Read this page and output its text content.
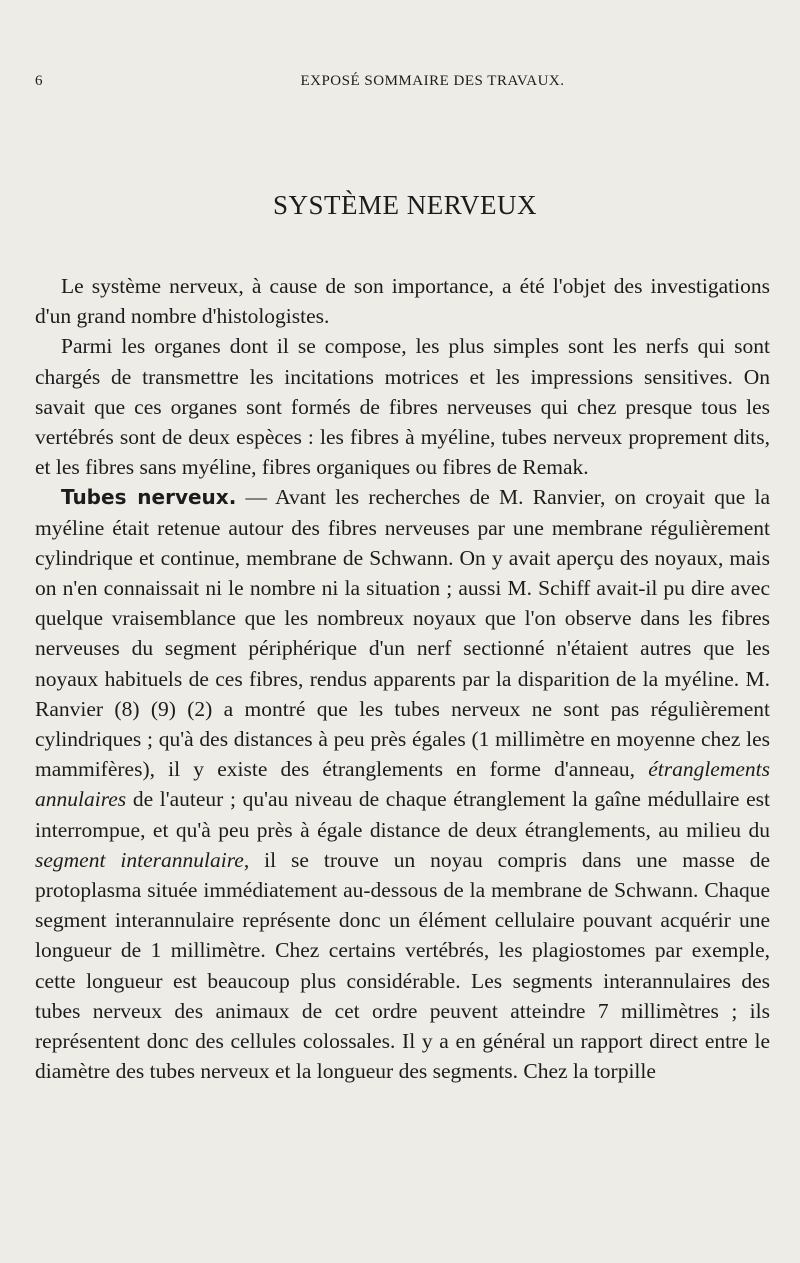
6	EXPOSÉ SOMMAIRE DES TRAVAUX.
SYSTÈME NERVEUX

Le système nerveux, à cause de son importance, a été l'objet des investigations d'un grand nombre d'histologistes.

Parmi les organes dont il se compose, les plus simples sont les nerfs qui sont chargés de transmettre les incitations motrices et les impressions sensitives. On savait que ces organes sont formés de fibres nerveuses qui chez presque tous les vertébrés sont de deux espèces : les fibres à myéline, tubes nerveux proprement dits, et les fibres sans myéline, fibres organiques ou fibres de Remak.

Tubes nerveux. — Avant les recherches de M. Ranvier, on croyait que la myéline était retenue autour des fibres nerveuses par une membrane régulièrement cylindrique et continue, membrane de Schwann. On y avait aperçu des noyaux, mais on n'en connaissait ni le nombre ni la situation ; aussi M. Schiff avait-il pu dire avec quelque vraisemblance que les nombreux noyaux que l'on observe dans les fibres nerveuses du segment périphérique d'un nerf sectionné n'étaient autres que les noyaux habituels de ces fibres, rendus apparents par la disparition de la myéline. M. Ranvier (8) (9) (2) a montré que les tubes nerveux ne sont pas régulièrement cylindriques ; qu'à des distances à peu près égales (1 millimètre en moyenne chez les mammifères), il y existe des étranglements en forme d'anneau, étranglements annulaires de l'auteur ; qu'au niveau de chaque étranglement la gaîne médullaire est interrompue, et qu'à peu près à égale distance de deux étranglements, au milieu du segment interannulaire, il se trouve un noyau compris dans une masse de protoplasma située immédiatement au-dessous de la membrane de Schwann. Chaque segment interannulaire représente donc un élément cellulaire pouvant acquérir une longueur de 1 millimètre. Chez certains vertébrés, les plagiostomes par exemple, cette longueur est beaucoup plus considérable. Les segments interannulaires des tubes nerveux des animaux de cet ordre peuvent atteindre 7 millimètres ; ils représentent donc des cellules colossales. Il y a en général un rapport direct entre le diamètre des tubes nerveux et la longueur des segments. Chez la torpille
